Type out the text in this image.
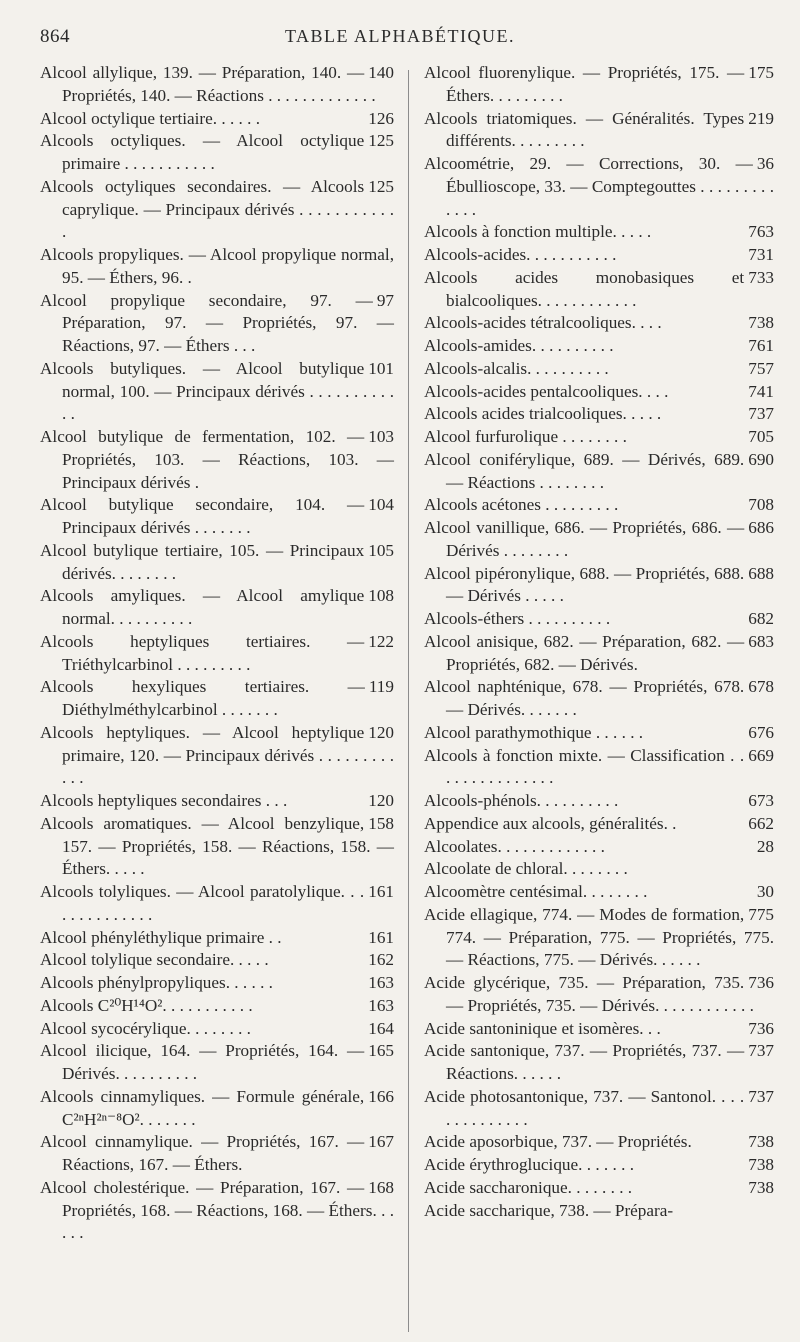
864	TABLE ALPHABÉTIQUE.
140
Alcool allylique, 139. — Préparation, 140. — Propriétés, 140. — Réactions . . . . . . . . . . . . .
126
Alcool octylique tertiaire. . . . . .
125
Alcools octyliques. — Alcool octylique primaire . . . . . . . . . . .
125
Alcools octyliques secondaires. — Alcools caprylique. — Principaux dérivés . . . . . . . . . . . .
Alcools propyliques. — Alcool propylique normal, 95. — Éthers, 96. .
97
Alcool propylique secondaire, 97. — Préparation, 97. — Propriétés, 97. — Réactions, 97. — Éthers . . .
101
Alcools butyliques. — Alcool butylique normal, 100. — Principaux dérivés . . . . . . . . . . . .
103
Alcool butylique de fermentation, 102. — Propriétés, 103. — Réactions, 103. — Principaux dérivés .
104
Alcool butylique secondaire, 104. — Principaux dérivés . . . . . . .
105
Alcool butylique tertiaire, 105. — Principaux dérivés. . . . . . . .
108
Alcools amyliques. — Alcool amylique normal. . . . . . . . . .
122
Alcools heptyliques tertiaires. — Triéthylcarbinol . . . . . . . . .
119
Alcools hexyliques tertiaires. — Diéthylméthylcarbinol . . . . . . .
120
Alcools heptyliques. — Alcool heptylique primaire, 120. — Principaux dérivés . . . . . . . . . . . .
120
Alcools heptyliques secondaires . . .
158
Alcools aromatiques. — Alcool benzylique, 157. — Propriétés, 158. — Réactions, 158. — Éthers. . . . .
161
Alcools tolyliques. — Alcool paratolylique. . . . . . . . . . . . . .
161
Alcool phényléthylique primaire . .
162
Alcool tolylique secondaire. . . . .
163
Alcools phénylpropyliques. . . . . .
163
Alcools C²⁰H¹⁴O². . . . . . . . . . .
164
Alcool sycocérylique. . . . . . . .
165
Alcool ilicique, 164. — Propriétés, 164. — Dérivés. . . . . . . . . .
166
Alcools cinnamyliques. — Formule générale, C²ⁿH²ⁿ⁻⁸O². . . . . . .
167
Alcool cinnamylique. — Propriétés, 167. — Réactions, 167. — Éthers.
168
Alcool cholestérique. — Préparation, 167. — Propriétés, 168. — Réactions, 168. — Éthers. . . . . .
175
Alcool fluorenylique. — Propriétés, 175. — Éthers. . . . . . . . .
219
Alcools triatomiques. — Généralités. Types différents. . . . . . . . .
36
Alcoométrie, 29. — Corrections, 30. — Ébullioscope, 33. — Comptegouttes . . . . . . . . . . . . .
763
Alcools à fonction multiple. . . . .
731
Alcools-acides. . . . . . . . . . .
733
Alcools acides monobasiques et bialcooliques. . . . . . . . . . . .
738
Alcools-acides tétralcooliques. . . .
761
Alcools-amides. . . . . . . . . .
757
Alcools-alcalis. . . . . . . . . .
741
Alcools-acides pentalcooliques. . . .
737
Alcools acides trialcooliques. . . . .
705
Alcool furfurolique . . . . . . . .
690
Alcool coniférylique, 689. — Dérivés, 689. — Réactions . . . . . . . .
708
Alcools acétones . . . . . . . . .
686
Alcool vanillique, 686. — Propriétés, 686. — Dérivés . . . . . . . .
688
Alcool pipéronylique, 688. — Propriétés, 688. — Dérivés . . . . .
682
Alcools-éthers . . . . . . . . . .
683
Alcool anisique, 682. — Préparation, 682. — Propriétés, 682. — Dérivés.
678
Alcool naphténique, 678. — Propriétés, 678. — Dérivés. . . . . . .
676
Alcool parathymothique . . . . . .
669
Alcools à fonction mixte. — Classification . . . . . . . . . . . . . . .
673
Alcools-phénols. . . . . . . . . .
662
Appendice aux alcools, généralités. .
28
Alcoolates. . . . . . . . . . . . .
Alcoolate de chloral. . . . . . . .
30
Alcoomètre centésimal. . . . . . . .
775
Acide ellagique, 774. — Modes de formation, 774. — Préparation, 775. — Propriétés, 775. — Réactions, 775. — Dérivés. . . . . .
736
Acide glycérique, 735. — Préparation, 735. — Propriétés, 735. — Dérivés. . . . . . . . . . . .
736
Acide santoninique et isomères. . .
737
Acide santonique, 737. — Propriétés, 737. — Réactions. . . . . .
737
Acide photosantonique, 737. — Santonol. . . . . . . . . . . . . .
738
Acide aposorbique, 737. — Propriétés.
738
Acide érythroglucique. . . . . . .
738
Acide saccharonique. . . . . . . .
Acide saccharique, 738. — Prépara-
